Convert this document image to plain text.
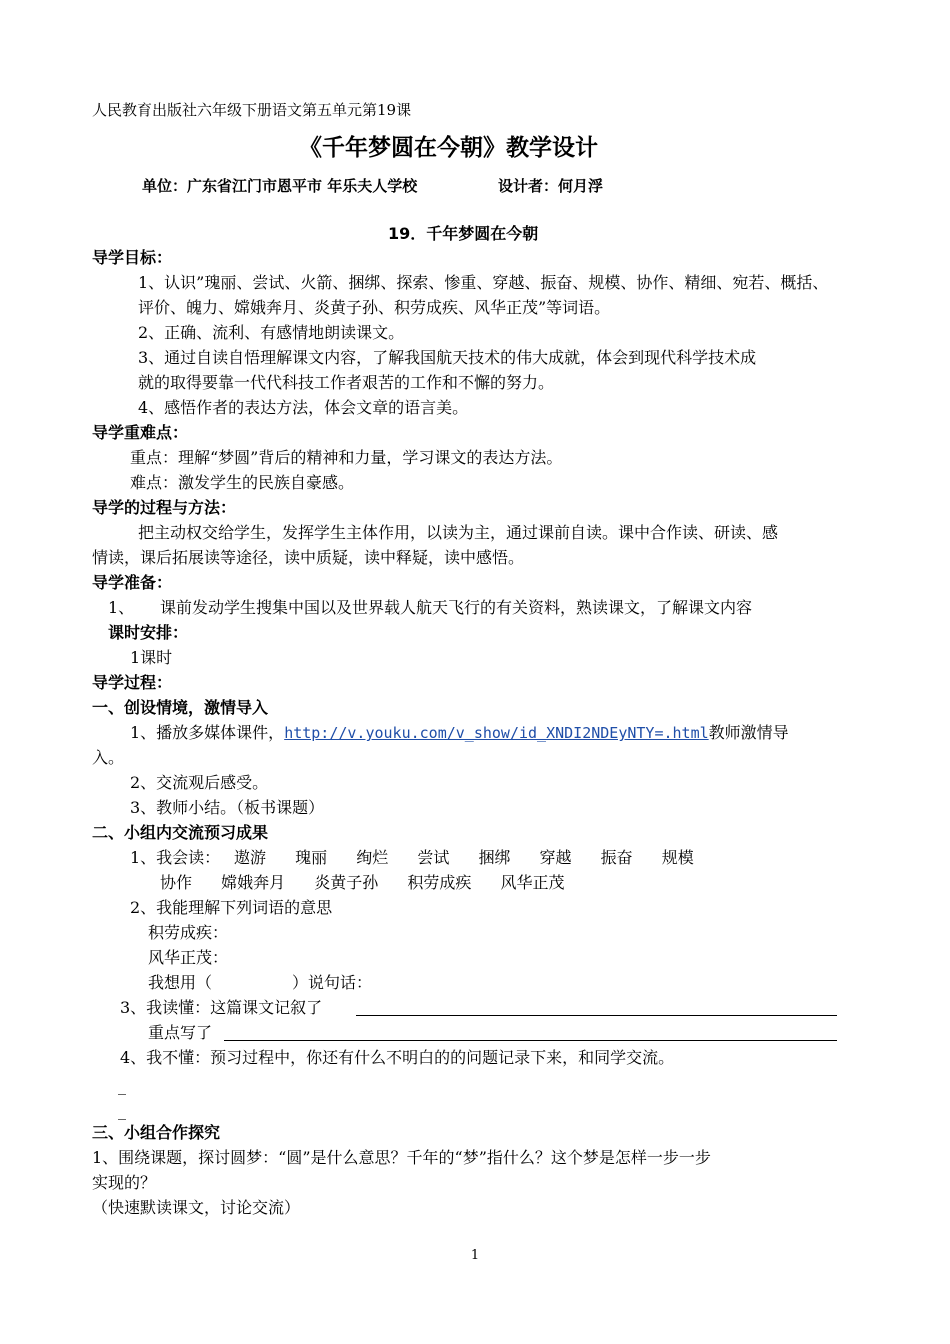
人民教育出版社六年级下册语文第五单元第19课
《千年梦圆在今朝》教学设计
单位：广东省江门市恩平市 年乐夫人学校	设计者：何月浮
19．千年梦圆在今朝
导学目标：
1、认识”瑰丽、尝试、火箭、捆绑、探索、惨重、穿越、振奋、规模、协作、精细、宛若、概括、
评价、魄力、嫦娥奔月、炎黄子孙、积劳成疾、风华正茂”等词语。
2、正确、流利、有感情地朗读课文。
3、通过自读自悟理解课文内容，了解我国航天技术的伟大成就，体会到现代科学技术成
就的取得要靠一代代科技工作者艰苦的工作和不懈的努力。
4、感悟作者的表达方法，体会文章的语言美。
导学重难点：
重点：理解“梦圆”背后的精神和力量，学习课文的表达方法。
难点：激发学生的民族自豪感。
导学的过程与方法：
把主动权交给学生，发挥学生主体作用，以读为主，通过课前自读。课中合作读、研读、感
情读，课后拓展读等途径，读中质疑，读中释疑，读中感悟。
导学准备：
1、 课前发动学生搜集中国以及世界载人航天飞行的有关资料，熟读课文，了解课文内容
课时安排：
1课时
导学过程：
一、创设情境，激情导入
1、播放多媒体课件，http://v.youku.com/v_show/id_XNDI2NDEyNTY=.html教师激情导
入。
2、交流观后感受。
3、教师小结。（板书课题）
二、小组内交流预习成果
1、我会读： 遨游 瑰丽 绚烂 尝试 捆绑 穿越 振奋 规模
协作 嫦娥奔月 炎黄子孙 积劳成疾 风华正茂
2、我能理解下列词语的意思
积劳成疾：
风华正茂：
我想用（　　　　　）说句话：
3、我读懂：这篇课文记叙了
重点写了
4、我不懂：预习过程中，你还有什么不明白的的问题记录下来，和同学交流。
_
_
三、小组合作探究
1、围绕课题，探讨圆梦：“圆”是什么意思？千年的“梦”指什么？这个梦是怎样一步一步
实现的？
（快速默读课文，讨论交流）
1
